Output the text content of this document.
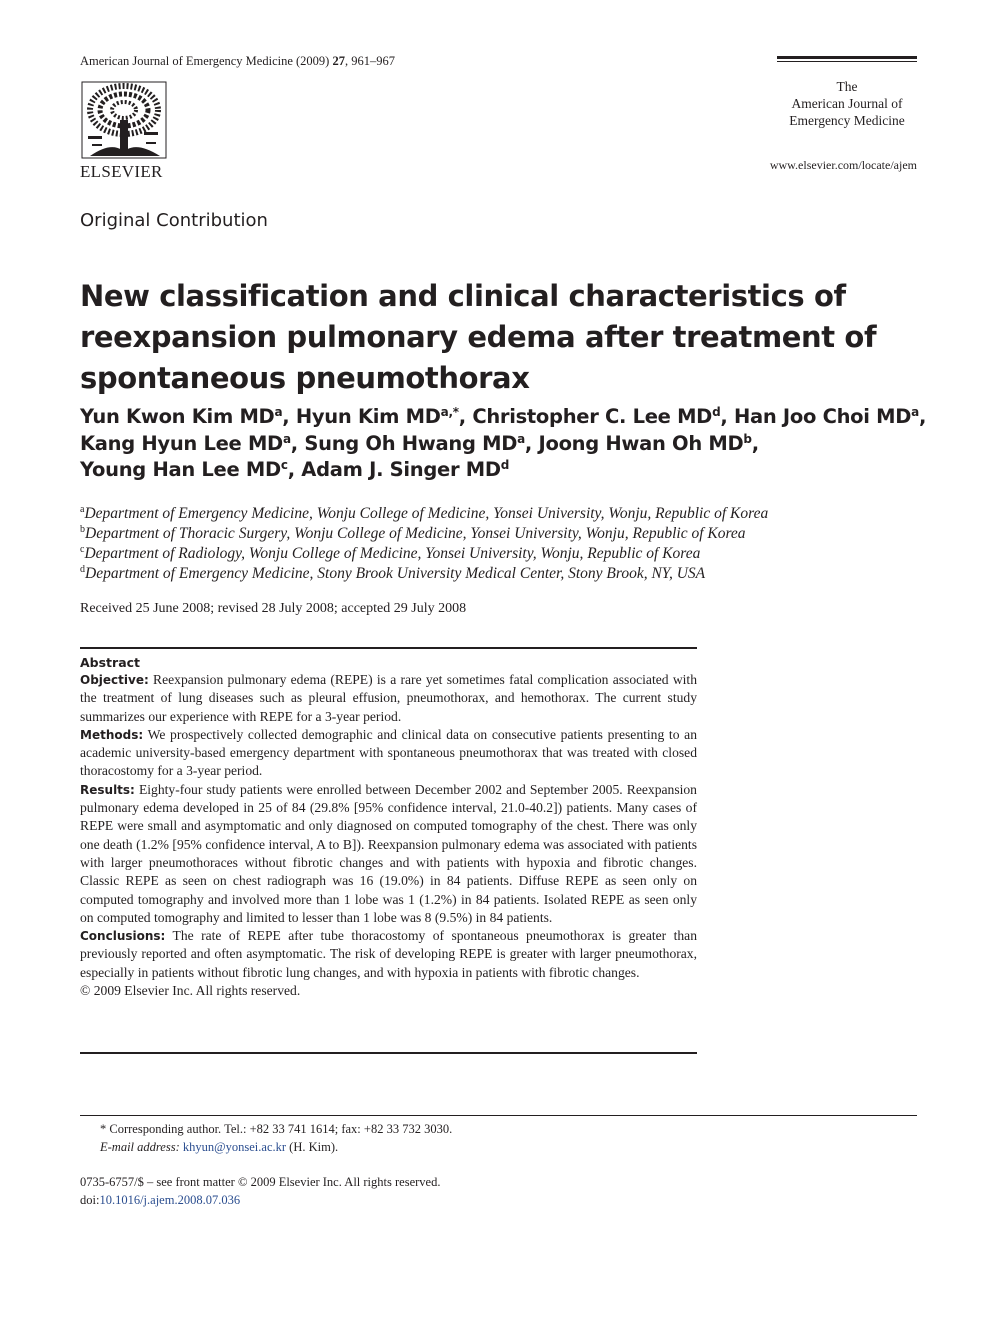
American Journal of Emergency Medicine (2009) 27, 961–967
ELSEVIER
The
American Journal of
Emergency Medicine
www.elsevier.com/locate/ajem
Original Contribution
New classification and clinical characteristics of
reexpansion pulmonary edema after treatment of
spontaneous pneumothorax
Yun Kwon Kim $MD^a$, Hyun Kim $MD^{a,*}$, Christopher C. Lee $MD^d$, Han Joo Choi $MD^a$,
Kang Hyun Lee $MD^a$, Sung Oh Hwang $MD^a$, Joong Hwan Oh $MD^b$,
Young Han Lee $MD^c$, Adam J. Singer $MD^d$
$^a$Department of Emergency Medicine, Wonju College of Medicine, Yonsei University, Wonju, Republic of Korea
$^b$Department of Thoracic Surgery, Wonju College of Medicine, Yonsei University, Wonju, Republic of Korea
$^c$Department of Radiology, Wonju College of Medicine, Yonsei University, Wonju, Republic of Korea
$^d$Department of Emergency Medicine, Stony Brook University Medical Center, Stony Brook, NY, USA
Received 25 June 2008; revised 28 July 2008; accepted 29 July 2008
Abstract

Objective: Reexpansion pulmonary edema (REPE) is a rare yet sometimes fatal complication associated with the treatment of lung diseases such as pleural effusion, pneumothorax, and hemothorax. The current study summarizes our experience with REPE for a 3-year period.

Methods: We prospectively collected demographic and clinical data on consecutive patients presenting to an academic university-based emergency department with spontaneous pneumothorax that was treated with closed thoracostomy for a 3-year period.

Results: Eighty-four study patients were enrolled between December 2002 and September 2005. Reexpansion pulmonary edema developed in 25 of 84 (29.8% [95% confidence interval, 21.0-40.2]) patients. Many cases of REPE were small and asymptomatic and only diagnosed on computed tomography of the chest. There was only one death (1.2% [95% confidence interval, A to B]). Reexpansion pulmonary edema was associated with patients with larger pneumothoraces without fibrotic changes and with patients with hypoxia and fibrotic changes. Classic REPE as seen on chest radiograph was 16 (19.0%) in 84 patients. Diffuse REPE as seen only on computed tomography and involved more than 1 lobe was 1 (1.2%) in 84 patients. Isolated REPE as seen only on computed tomography and limited to lesser than 1 lobe was 8 (9.5%) in 84 patients.

Conclusions: The rate of REPE after tube thoracostomy of spontaneous pneumothorax is greater than previously reported and often asymptomatic. The risk of developing REPE is greater with larger pneumothorax, especially in patients without fibrotic lung changes, and with hypoxia in patients with fibrotic changes.

© 2009 Elsevier Inc. All rights reserved.

* Corresponding author. Tel.: +82 33 741 1614; fax: +82 33 732 3030.
E-mail address: khyun@yonsei.ac.kr (H. Kim).
0735-6757/$ – see front matter © 2009 Elsevier Inc. All rights reserved.
doi:10.1016/j.ajem.2008.07.036
